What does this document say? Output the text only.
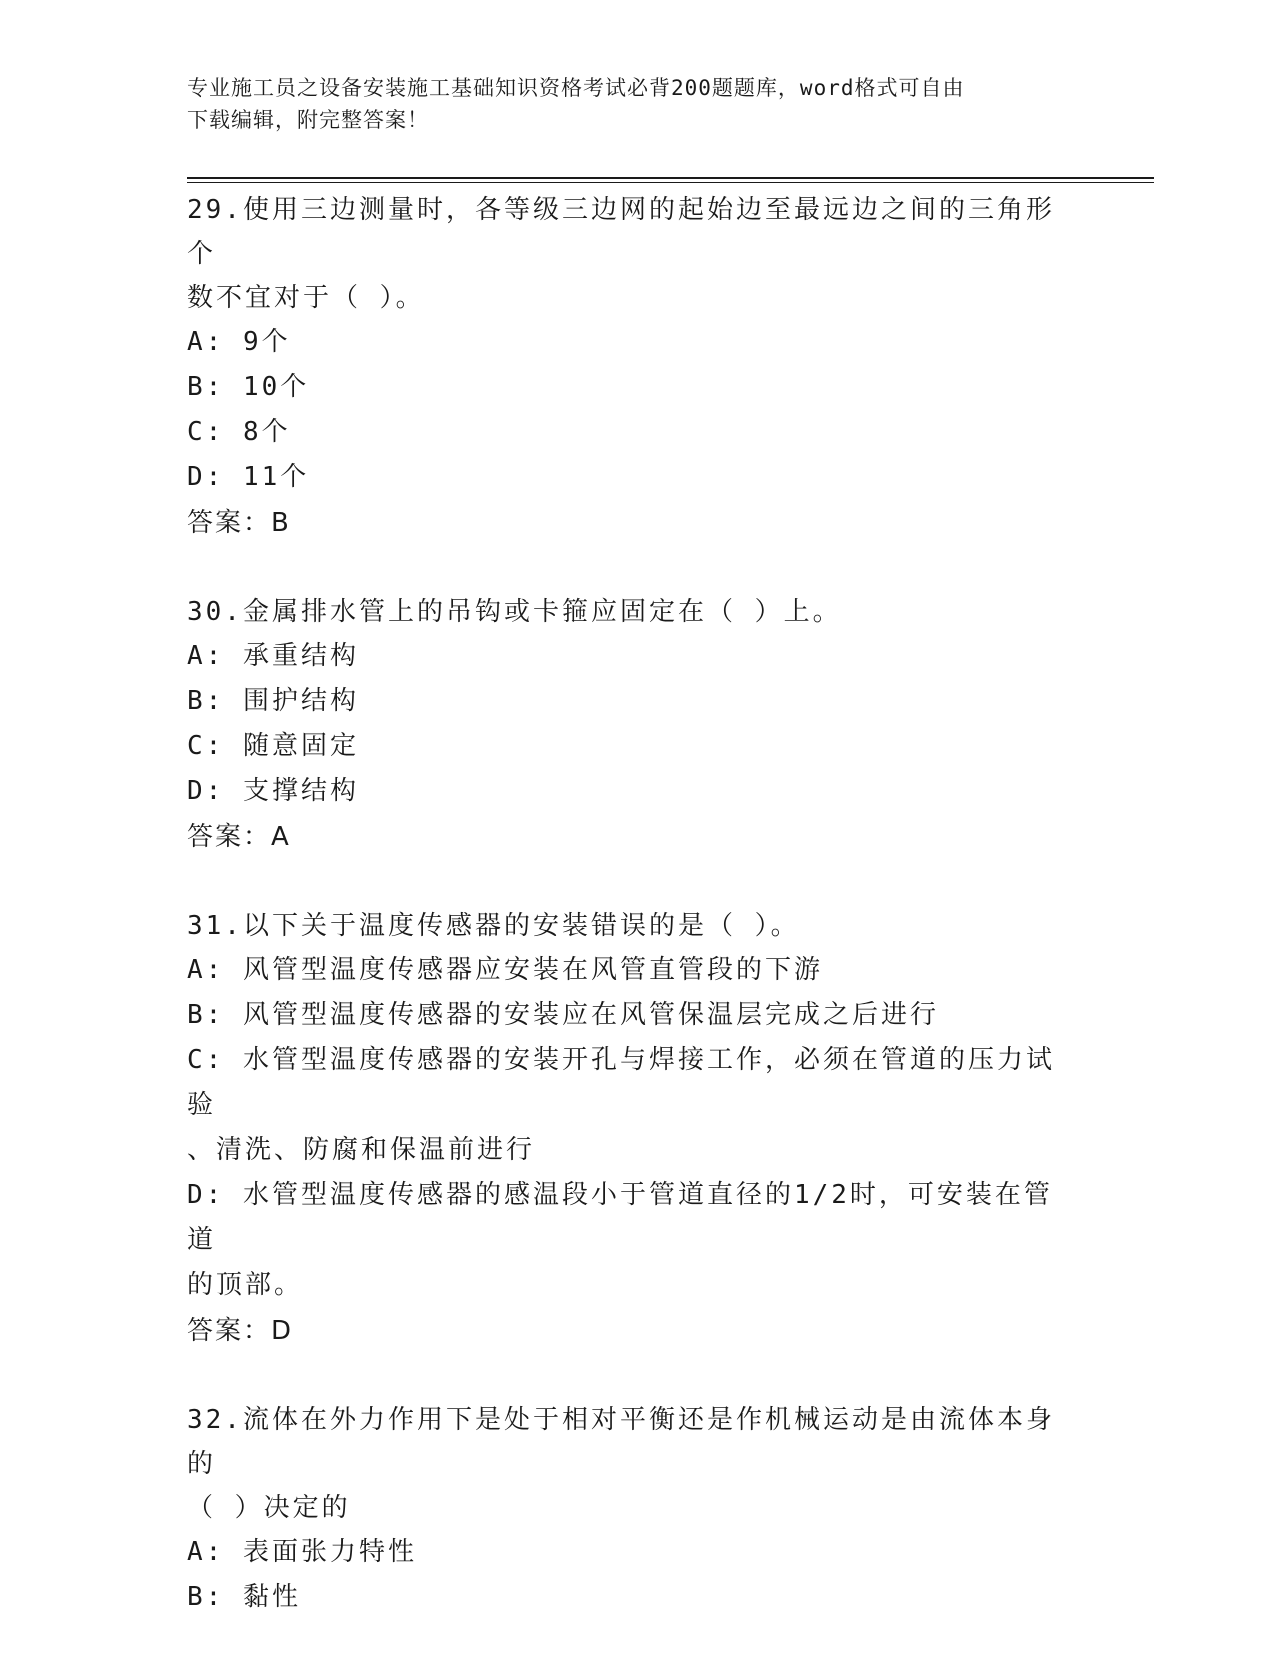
专业施工员之设备安装施工基础知识资格考试必背200题题库，word格式可自由
下载编辑，附完整答案！
29.使用三边测量时，各等级三边网的起始边至最远边之间的三角形个
数不宜对于（ ）。
A: 9个
B: 10个
C: 8个
D: 11个
答案：B
30.金属排水管上的吊钩或卡箍应固定在（ ）上。
A: 承重结构
B: 围护结构
C: 随意固定
D: 支撑结构
答案：A
31.以下关于温度传感器的安装错误的是（ ）。
A: 风管型温度传感器应安装在风管直管段的下游
B: 风管型温度传感器的安装应在风管保温层完成之后进行
C: 水管型温度传感器的安装开孔与焊接工作，必须在管道的压力试验
、清洗、防腐和保温前进行
D: 水管型温度传感器的感温段小于管道直径的1/2时，可安装在管道
的顶部。
答案：D
32.流体在外力作用下是处于相对平衡还是作机械运动是由流体本身的
（ ）决定的
A: 表面张力特性
B: 黏性
